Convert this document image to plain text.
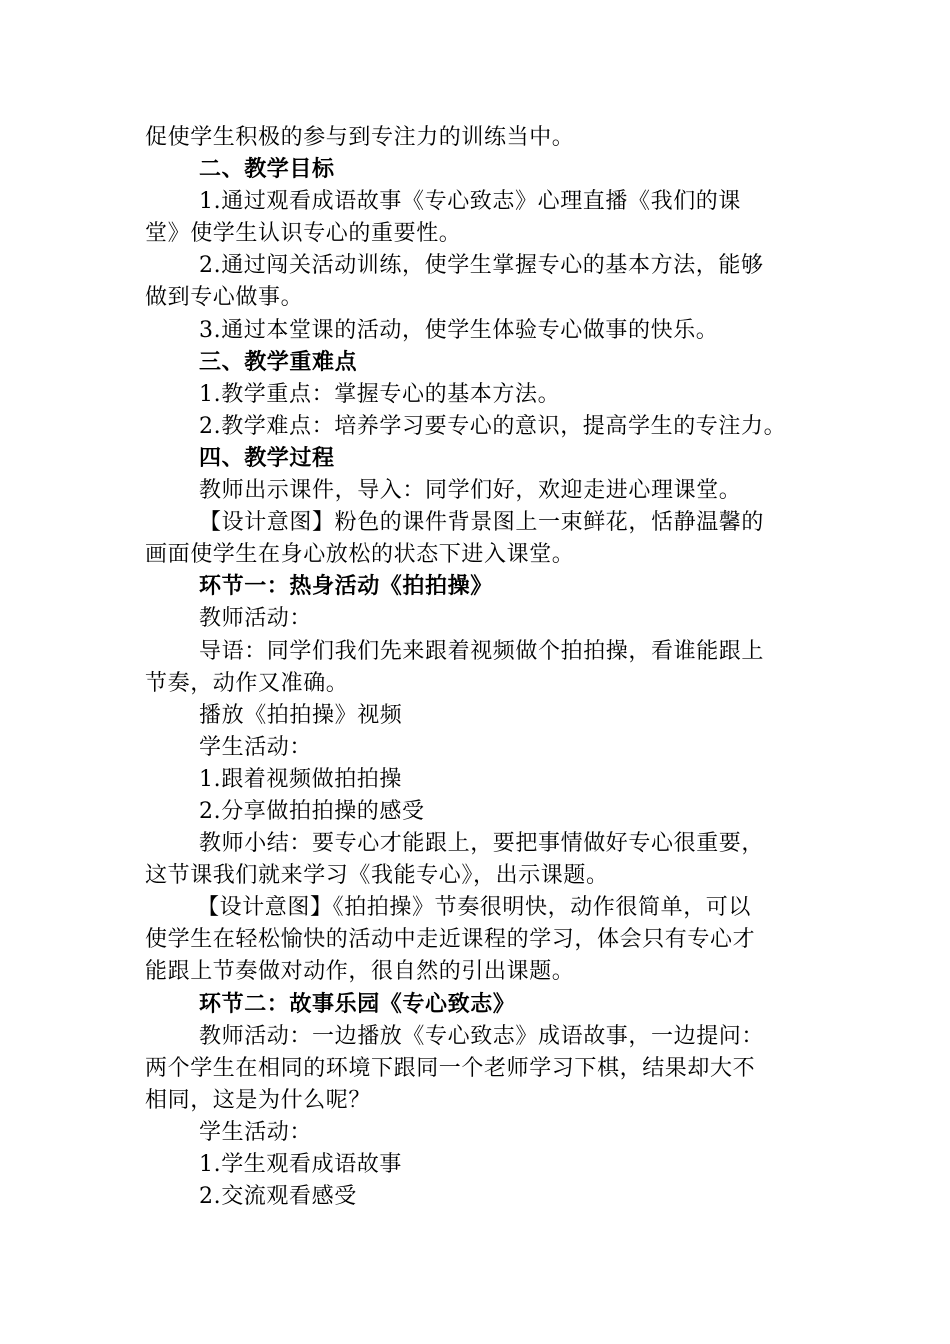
促使学生积极的参与到专注力的训练当中。
二、教学目标
1.通过观看成语故事《专心致志》心理直播《我们的课
堂》使学生认识专心的重要性。
2.通过闯关活动训练，使学生掌握专心的基本方法，能够
做到专心做事。
3.通过本堂课的活动，使学生体验专心做事的快乐。
三、教学重难点
1.教学重点：掌握专心的基本方法。
2.教学难点：培养学习要专心的意识，提高学生的专注力。
四、教学过程
教师出示课件，导入：同学们好，欢迎走进心理课堂。
【设计意图】粉色的课件背景图上一束鲜花，恬静温馨的
画面使学生在身心放松的状态下进入课堂。
环节一：热身活动《拍拍操》
教师活动：
导语：同学们我们先来跟着视频做个拍拍操，看谁能跟上
节奏，动作又准确。
播放《拍拍操》视频
学生活动：
1.跟着视频做拍拍操
2.分享做拍拍操的感受
教师小结：要专心才能跟上，要把事情做好专心很重要，
这节课我们就来学习《我能专心》，出示课题。
【设计意图】《拍拍操》节奏很明快，动作很简单，可以
使学生在轻松愉快的活动中走近课程的学习，体会只有专心才
能跟上节奏做对动作，很自然的引出课题。
环节二：故事乐园《专心致志》
教师活动：一边播放《专心致志》成语故事，一边提问：
两个学生在相同的环境下跟同一个老师学习下棋，结果却大不
相同，这是为什么呢？
学生活动：
1.学生观看成语故事
2.交流观看感受
